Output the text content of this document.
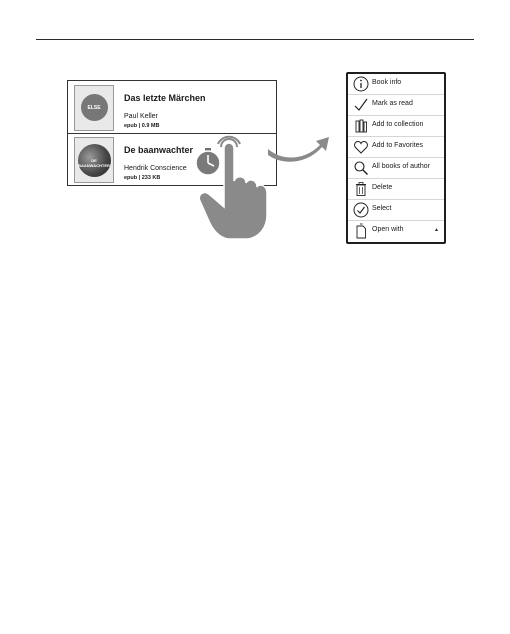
ELSE
Das letzte Märchen
Paul Keller
epub | 0.9 MB
DE BAANWACHTER
De baanwachter
Hendrik Conscience
epub | 233 KB
Book info
Mark as read
Add to collection
Add to Favorites
All books of author
Delete
Select
Open with	▲
